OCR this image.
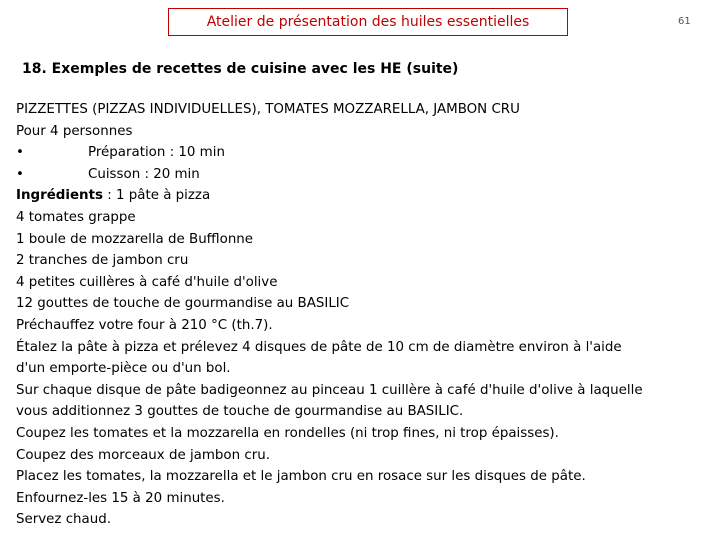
Atelier de présentation des huiles essentielles	61
18. Exemples de recettes de cuisine avec les HE (suite)
PIZZETTES (PIZZAS INDIVIDUELLES), TOMATES MOZZARELLA, JAMBON CRU
Pour 4 personnes
•	Préparation : 10 min
•	Cuisson : 20 min
Ingrédients : 1 pâte à pizza
4 tomates grappe
1 boule de mozzarella de Bufflonne
2 tranches de jambon cru
4 petites cuillères à café d'huile d'olive
12 gouttes de touche de gourmandise au BASILIC
Préchauffez votre four à 210 °C (th.7).
Étalez la pâte à pizza et prélevez 4 disques de pâte de 10 cm de diamètre environ à l'aide
d'un emporte-pièce ou d'un bol.
Sur chaque disque de pâte badigeonnez au pinceau 1 cuillère à café d'huile d'olive à laquelle
vous additionnez 3 gouttes de touche de gourmandise au BASILIC.
Coupez les tomates et la mozzarella en rondelles (ni trop fines, ni trop épaisses).
Coupez des morceaux de jambon cru.
Placez les tomates, la mozzarella et le jambon cru en rosace sur les disques de pâte.
Enfournez-les 15 à 20 minutes.
Servez chaud.
